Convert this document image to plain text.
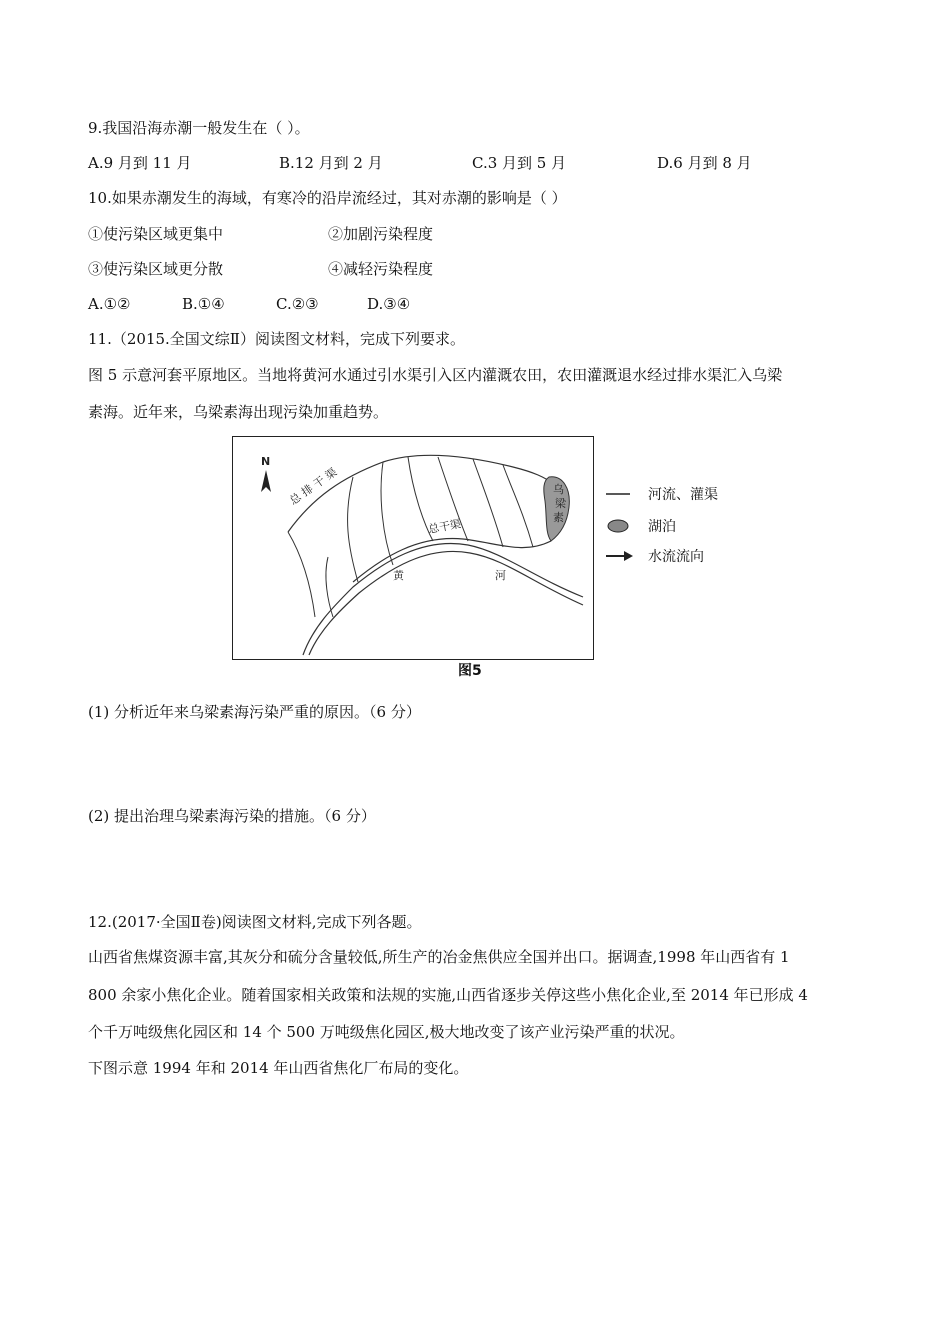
9.我国沿海赤潮一般发生在（ ）。
A.9 月到 11 月	B.12 月到 2 月	C.3 月到 5 月	D.6 月到 8 月
10.如果赤潮发生的海域，有寒冷的沿岸流经过，其对赤潮的影响是（ ）
①使污染区域更集中	②加剧污染程度
③使污染区域更分散	④减轻污染程度
A.①②	B.①④	C.②③	D.③④
11.（2015.全国文综Ⅱ）阅读图文材料，完成下列要求。
图 5 示意河套平原地区。当地将黄河水通过引水渠引入区内灌溉农田，农田灌溉退水经过排水渠汇入乌梁
素海。近年来，乌梁素海出现污染加重趋势。
N
总 排 干 渠
总干渠
黄	河
乌
梁
素
河流、灌渠
湖泊
水流流向
图5
(1) 分析近年来乌梁素海污染严重的原因。（6 分）
(2) 提出治理乌梁素海污染的措施。（6 分）
12.(2017·全国Ⅱ卷)阅读图文材料,完成下列各题。
山西省焦煤资源丰富,其灰分和硫分含量较低,所生产的冶金焦供应全国并出口。据调查,1998 年山西省有 1
800 余家小焦化企业。随着国家相关政策和法规的实施,山西省逐步关停这些小焦化企业,至 2014 年已形成 4
个千万吨级焦化园区和 14 个 500 万吨级焦化园区,极大地改变了该产业污染严重的状况。
下图示意 1994 年和 2014 年山西省焦化厂布局的变化。
